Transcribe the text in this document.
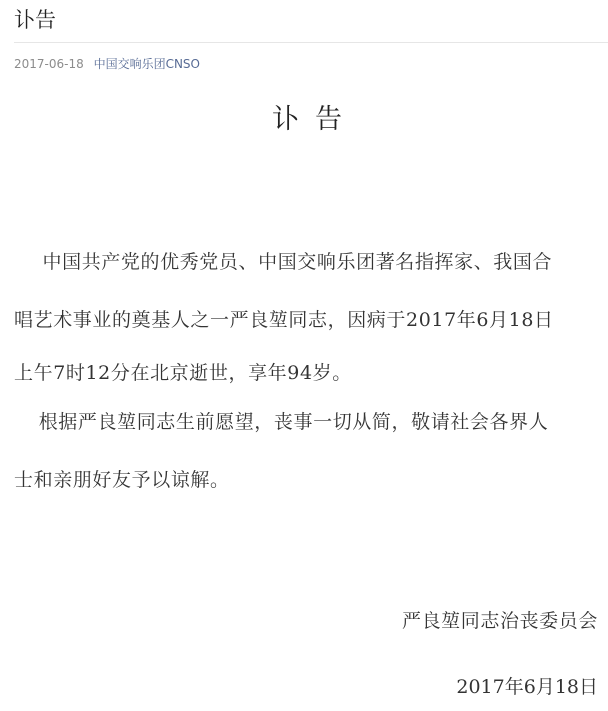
讣告
2017-06-18 中国交响乐团CNSO
讣告

中国共产党的优秀党员、中国交响乐团著名指挥家、我国合
唱艺术事业的奠基人之一严良堃同志，因病于2017年6月18日
上午7时12分在北京逝世，享年94岁。

根据严良堃同志生前愿望，丧事一切从简，敬请社会各界人
士和亲朋好友予以谅解。

严良堃同志治丧委员会
2017年6月18日
